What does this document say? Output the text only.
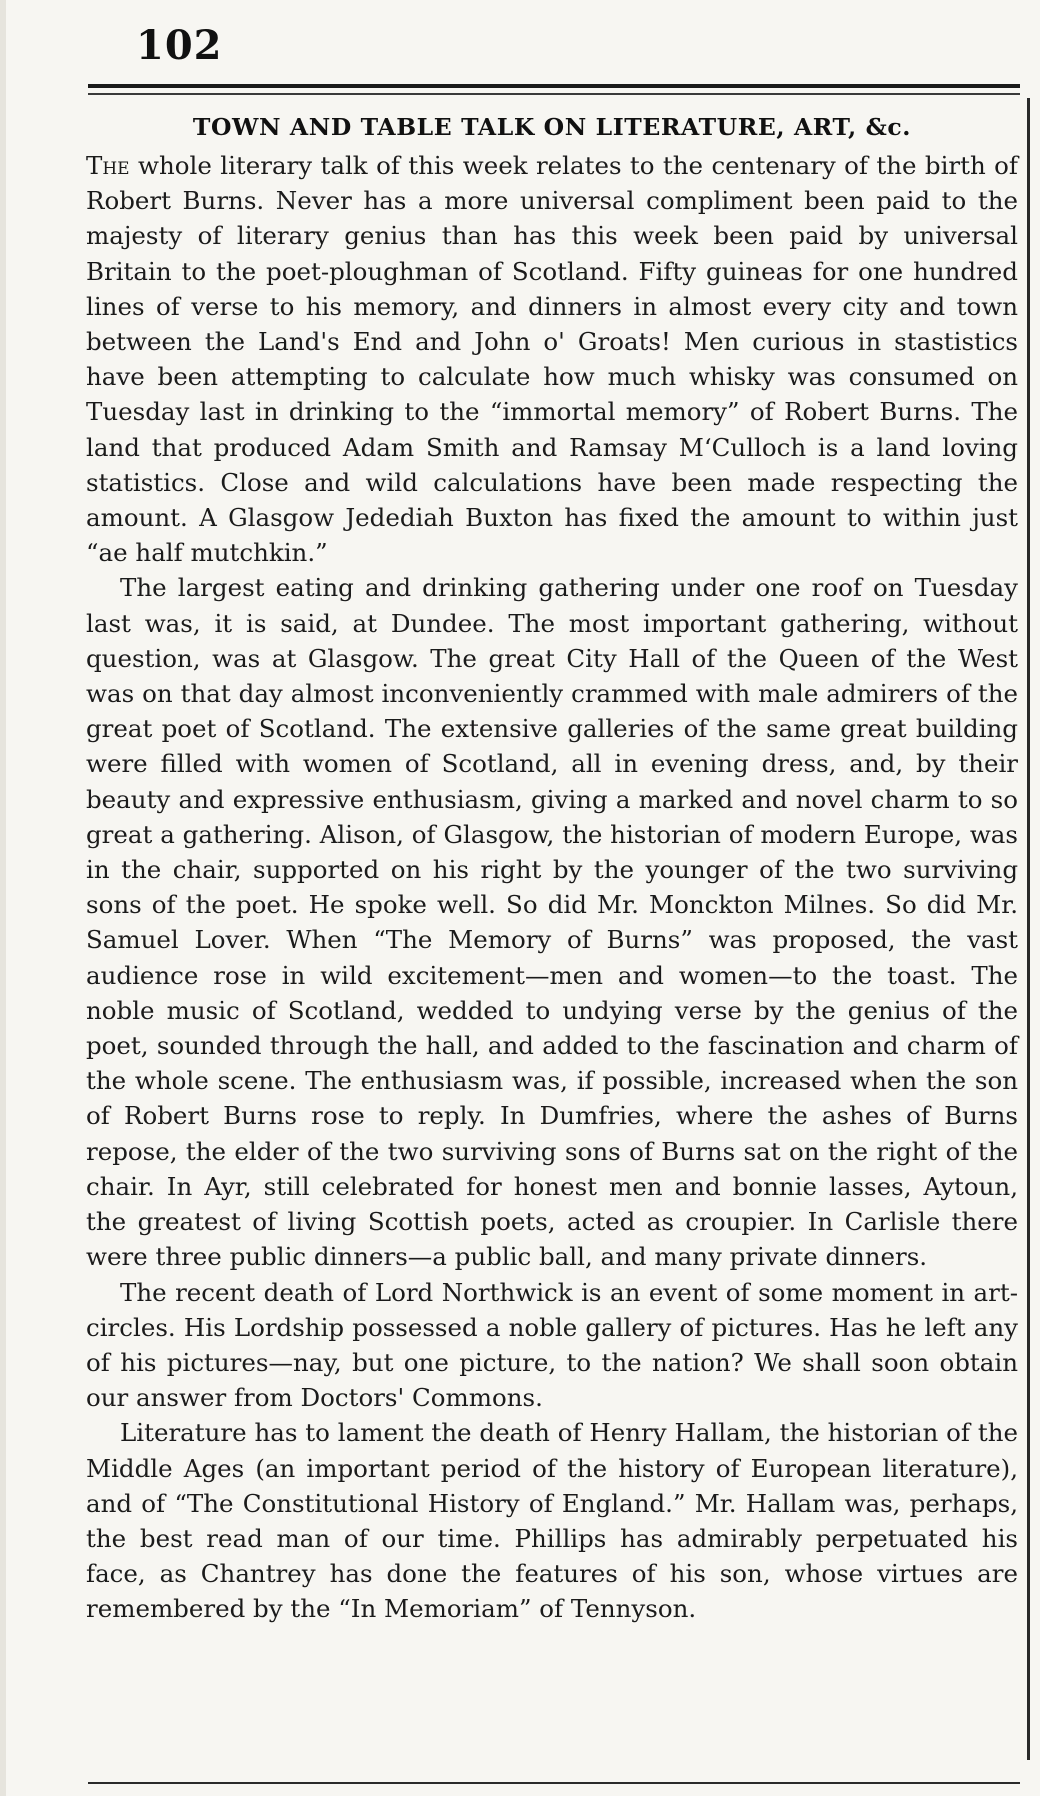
102
TOWN AND TABLE TALK ON LITERATURE, ART, &c.

The whole literary talk of this week relates to the centenary of the birth of Robert Burns. Never has a more universal compliment been paid to the majesty of literary genius than has this week been paid by universal Britain to the poet-ploughman of Scotland. Fifty guineas for one hundred lines of verse to his memory, and dinners in almost every city and town between the Land's End and John o' Groats! Men curious in stastistics have been attempting to calculate how much whisky was consumed on Tuesday last in drinking to the “immortal memory” of Robert Burns. The land that produced Adam Smith and Ramsay M‘Culloch is a land loving statistics. Close and wild calculations have been made respecting the amount. A Glasgow Jedediah Buxton has fixed the amount to within just “ae half mutchkin.”

The largest eating and drinking gathering under one roof on Tuesday last was, it is said, at Dundee. The most important gathering, without question, was at Glasgow. The great City Hall of the Queen of the West was on that day almost inconveniently crammed with male admirers of the great poet of Scotland. The extensive galleries of the same great building were filled with women of Scotland, all in evening dress, and, by their beauty and expressive enthusiasm, giving a marked and novel charm to so great a gathering. Alison, of Glasgow, the historian of modern Europe, was in the chair, supported on his right by the younger of the two surviving sons of the poet. He spoke well. So did Mr. Monckton Milnes. So did Mr. Samuel Lover. When “The Memory of Burns” was proposed, the vast audience rose in wild excitement—men and women—to the toast. The noble music of Scotland, wedded to undying verse by the genius of the poet, sounded through the hall, and added to the fascination and charm of the whole scene. The enthusiasm was, if possible, increased when the son of Robert Burns rose to reply. In Dumfries, where the ashes of Burns repose, the elder of the two surviving sons of Burns sat on the right of the chair. In Ayr, still celebrated for honest men and bonnie lasses, Aytoun, the greatest of living Scottish poets, acted as croupier. In Carlisle there were three public dinners—a public ball, and many private dinners.

The recent death of Lord Northwick is an event of some moment in art-circles. His Lordship possessed a noble gallery of pictures. Has he left any of his pictures—nay, but one picture, to the nation? We shall soon obtain our answer from Doctors' Commons.

Literature has to lament the death of Henry Hallam, the historian of the Middle Ages (an important period of the history of European literature), and of “The Constitutional History of England.” Mr. Hallam was, perhaps, the best read man of our time. Phillips has admirably perpetuated his face, as Chantrey has done the features of his son, whose virtues are remembered by the “In Memoriam” of Tennyson.
